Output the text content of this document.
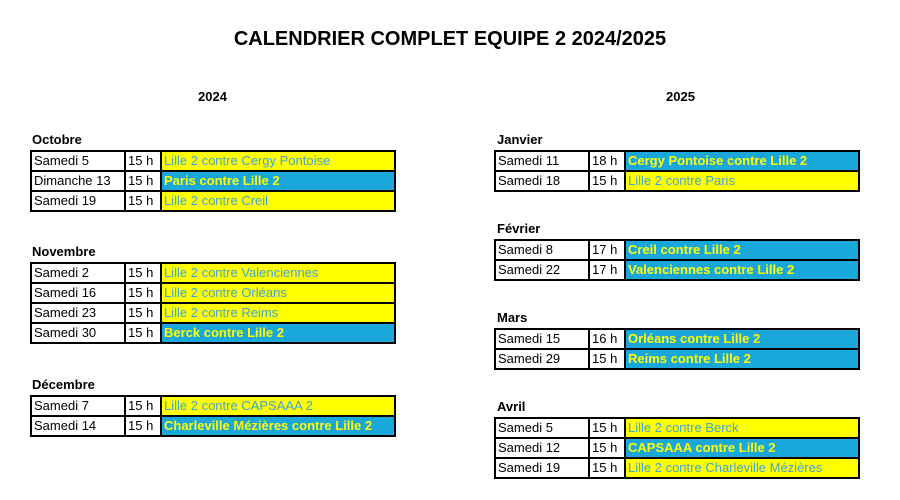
CALENDRIER COMPLET EQUIPE 2 2024/2025
2024	2025
Octobre
Samedi 5	15 h	Lille 2 contre Cergy Pontoise
Dimanche 13	15 h	Paris contre Lille 2
Samedi 19	15 h	Lille 2 contre Creil
Novembre
Samedi 2	15 h	Lille 2 contre Valenciennes
Samedi 16	15 h	Lille 2 contre Orléans
Samedi 23	15 h	Lille 2 contre Reims
Samedi 30	15 h	Berck contre Lille 2
Décembre
Samedi 7	15 h	Lille 2 contre CAPSAAA 2
Samedi 14	15 h	Charleville Mézières contre Lille 2
Janvier
Samedi 11	18 h	Cergy Pontoise contre Lille 2
Samedi 18	15 h	Lille 2 contre Paris
Février
Samedi 8	17 h	Creil contre Lille 2
Samedi 22	17 h	Valenciennes contre Lille 2
Mars
Samedi 15	16 h	Orléans contre Lille 2
Samedi 29	15 h	Reims contre Lille 2
Avril
Samedi 5	15 h	Lille 2 contre Berck
Samedi 12	15 h	CAPSAAA contre Lille 2
Samedi 19	15 h	Lille 2 contre Charleville Mézières
